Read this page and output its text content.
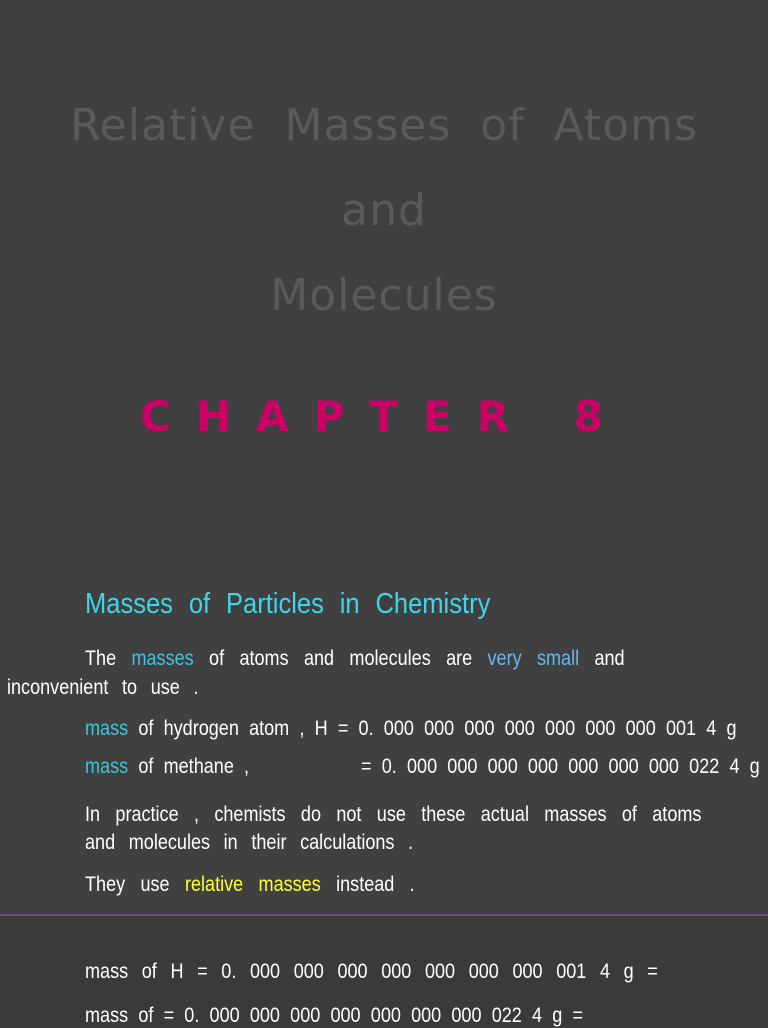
Relative Masses of Atoms
and
Molecules
CHAPTER 8
Masses of Particles in Chemistry
The masses of atoms and molecules are very small and
inconvenient to use .
mass of hydrogen atom , H = 0. 000 000 000 000 000 000 000 001 4 g
mass of methane ,           = 0. 000 000 000 000 000 000 000 022 4 g
In practice , chemists do not use these actual masses of atoms
and molecules in their calculations .
They use relative masses instead .
mass of H = 0. 000 000 000 000 000 000 000 001 4 g =
mass of = 0. 000 000 000 000 000 000 000 022 4 g =
